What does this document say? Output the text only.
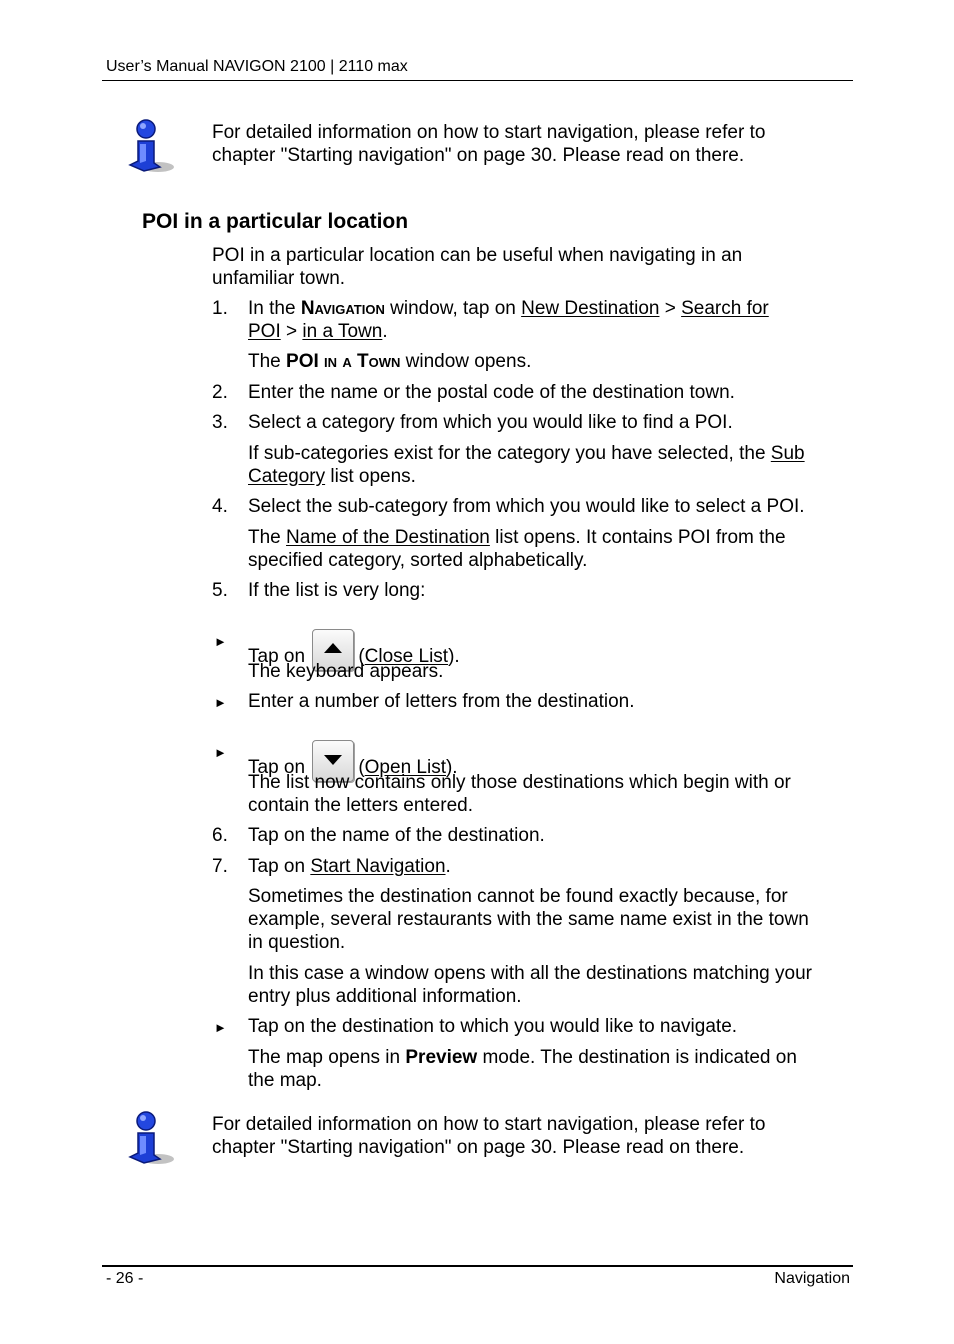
User’s Manual NAVIGON 2100 | 2110 max
For detailed information on how to start navigation, please refer to
chapter "Starting navigation" on page 30. Please read on there.
POI in a particular location
POI in a particular location can be useful when navigating in an
unfamiliar town.
1.	In the Navigation window, tap on New Destination > Search for
POI > in a Town.
The POI in a Town window opens.
2.	Enter the name or the postal code of the destination town.
3.	Select a category from which you would like to find a POI.
If sub-categories exist for the category you have selected, the Sub
Category list opens.
4.	Select the sub-category from which you would like to select a POI.
The Name of the Destination list opens. It contains POI from the
specified category, sorted alphabetically.
5.	If the list is very long:
►
Tap on	(Close List).
The keyboard appears.
► Enter a number of letters from the destination.
►
Tap on	(Open List).
The list now contains only those destinations which begin with or
contain the letters entered.
6.	Tap on the name of the destination.
7.	Tap on Start Navigation.
Sometimes the destination cannot be found exactly because, for
example, several restaurants with the same name exist in the town
in question.
In this case a window opens with all the destinations matching your
entry plus additional information.
► Tap on the destination to which you would like to navigate.
The map opens in Preview mode. The destination is indicated on
the map.
For detailed information on how to start navigation, please refer to
chapter "Starting navigation" on page 30. Please read on there.
- 26 -	Navigation
